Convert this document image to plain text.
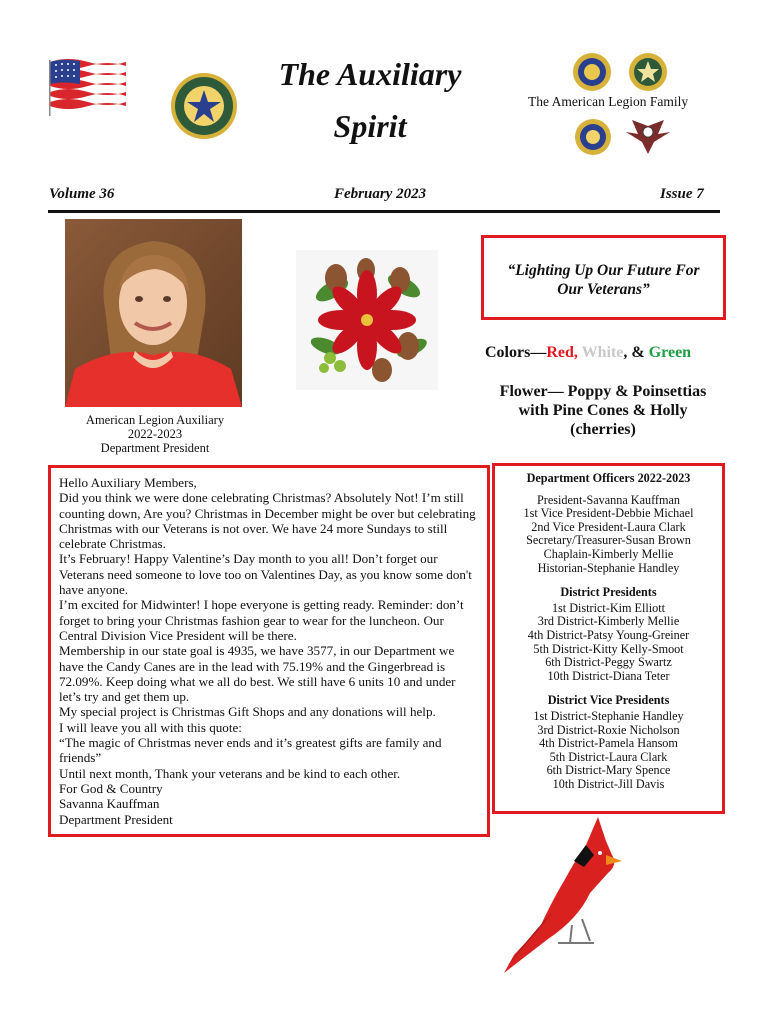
The Auxiliary
Spirit
The American Legion Family
Volume 36	February 2023	Issue 7
American Legion Auxiliary
2022-2023
Department President
“Lighting Up Our Future For
Our Veterans”
Colors—Red, White, & Green
Flower— Poppy & Poinsettias
with Pine Cones & Holly
(cherries)

Hello Auxiliary Members,

Did you think we were done celebrating Christmas? Absolutely Not! I’m still counting down, Are you? Christmas in December might be over but celebrating Christmas with our Veterans is not over. We have 24 more Sundays to still celebrate Christmas.

It’s February! Happy Valentine’s Day month to you all! Don’t forget our Veterans need someone to love too on Valentines Day, as you know some don't have anyone.

I’m excited for Midwinter! I hope everyone is getting ready. Reminder: don’t forget to bring your Christmas fashion gear to wear for the luncheon. Our Central Division Vice President will be there.

Membership in our state goal is 4935, we have 3577, in our Department we have the Candy Canes are in the lead with 75.19% and the Gingerbread is 72.09%. Keep doing what we all do best. We still have 6 units 10 and under let’s try and get them up.

My special project is Christmas Gift Shops and any donations will help.

I will leave you all with this quote:

“The magic of Christmas never ends and it’s greatest gifts are family and friends”

Until next month, Thank your veterans and be kind to each other.

For God & Country

Savanna Kauffman

Department President

Department Officers 2022-2023
President-Savanna Kauffman
1st Vice President-Debbie Michael
2nd Vice President-Laura Clark
Secretary/Treasurer-Susan Brown
Chaplain-Kimberly Mellie
Historian-Stephanie Handley
District Presidents
1st District-Kim Elliott
3rd District-Kimberly Mellie
4th District-Patsy Young-Greiner
5th District-Kitty Kelly-Smoot
6th District-Peggy Swartz
10th District-Diana Teter
District Vice Presidents
1st District-Stephanie Handley
3rd District-Roxie Nicholson
4th District-Pamela Hansom
5th District-Laura Clark
6th District-Mary Spence
10th District-Jill Davis
